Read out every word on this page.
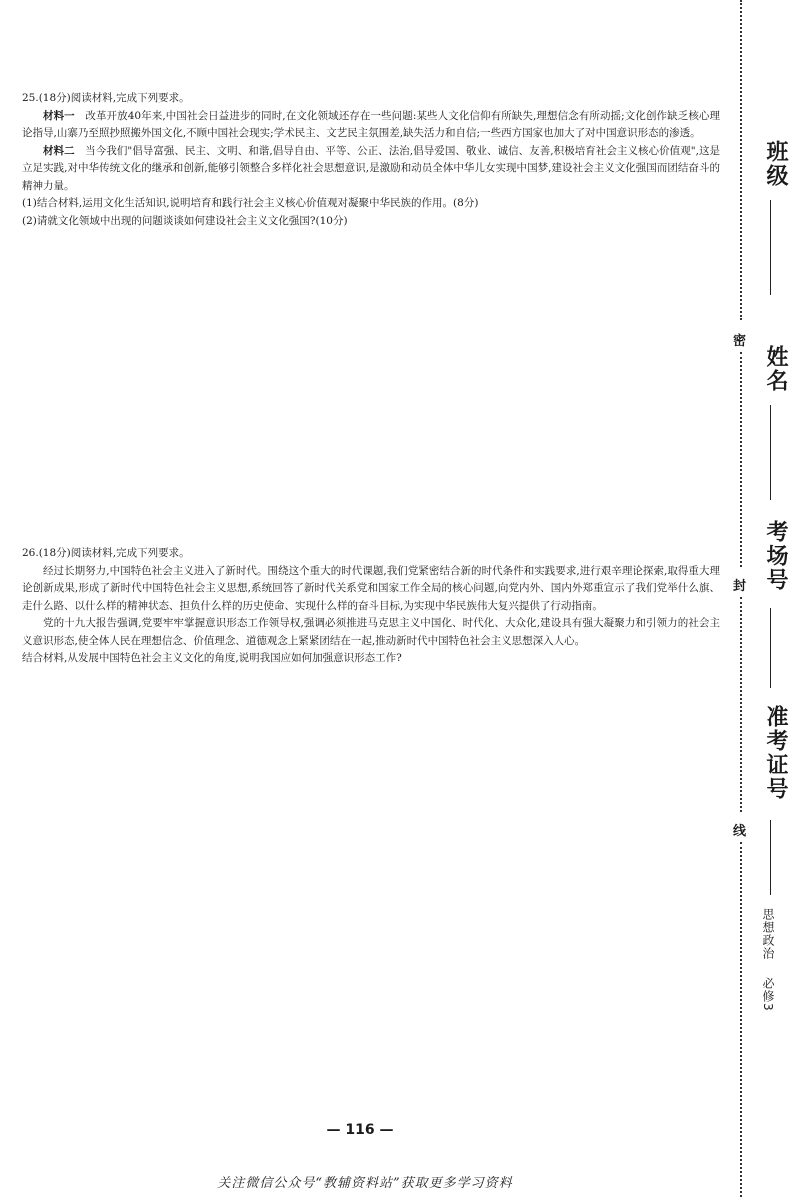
25.(18分)阅读材料,完成下列要求。

材料一　改革开放40年来,中国社会日益进步的同时,在文化领域还存在一些问题:某些人文化信仰有所缺失,理想信念有所动摇;文化创作缺乏核心理论指导,山寨乃至照抄照搬外国文化,不顾中国社会现实;学术民主、文艺民主氛围差,缺失活力和自信;一些西方国家也加大了对中国意识形态的渗透。

材料二　当今我们"倡导富强、民主、文明、和谐,倡导自由、平等、公正、法治,倡导爱国、敬业、诚信、友善,积极培育社会主义核心价值观",这是立足实践,对中华传统文化的继承和创新,能够引领整合多样化社会思想意识,是激励和动员全体中华儿女实现中国梦,建设社会主义文化强国而团结奋斗的精神力量。

(1)结合材料,运用文化生活知识,说明培育和践行社会主义核心价值观对凝聚中华民族的作用。(8分)

(2)请就文化领域中出现的问题谈谈如何建设社会主义文化强国?(10分)

26.(18分)阅读材料,完成下列要求。

经过长期努力,中国特色社会主义进入了新时代。围绕这个重大的时代课题,我们党紧密结合新的时代条件和实践要求,进行艰辛理论探索,取得重大理论创新成果,形成了新时代中国特色社会主义思想,系统回答了新时代关系党和国家工作全局的核心问题,向党内外、国内外郑重宣示了我们党举什么旗、走什么路、以什么样的精神状态、担负什么样的历史使命、实现什么样的奋斗目标,为实现中华民族伟大复兴提供了行动指南。

党的十九大报告强调,党要牢牢掌握意识形态工作领导权,强调必须推进马克思主义中国化、时代化、大众化,建设具有强大凝聚力和引领力的社会主义意识形态,使全体人民在理想信念、价值理念、道德观念上紧紧团结在一起,推动新时代中国特色社会主义思想深入人心。

结合材料,从发展中国特色社会主义文化的角度,说明我国应如何加强意识形态工作?

— 116 —
关注微信公众号“教辅资料站”获取更多学习资料
密
封
线
班级
姓名
考场号
准考证号
思想政治 必修3
